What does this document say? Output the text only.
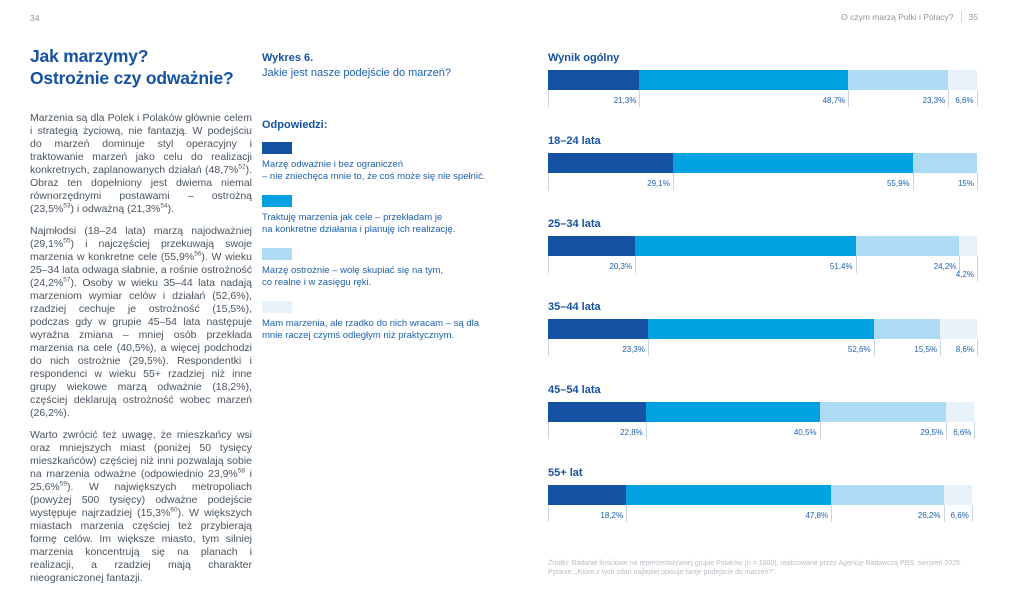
34	O czym marzą Polki i Polacy? 35
Jak marzymy?
Ostrożnie czy odważnie?

Marzenia są dla Polek i Polaków głównie celem i strategią życiową, nie fantazją. W podejściu do marzeń dominuje styl operacyjny i traktowanie marzeń jako celu do realizacji konkretnych, zaplanowanych działań (48,7%$^{52}$). Obraz ten dopełniony jest dwiema niemal równorzędnymi postawami – ostrożną (23,5%$^{53}$) i odważną (21,3%$^{54}$).

Najmłodsi (18–24 lata) marzą najodważniej (29,1%$^{55}$) i najczęściej przekuwają swoje marzenia w konkretne cele (55,9%$^{56}$). W wieku 25–34 lata odwaga słabnie, a rośnie ostrożność (24,2%$^{57}$). Osoby w wieku 35–44 lata nadają marzeniom wymiar celów i działań (52,6%), rzadziej cechuje je ostrożność (15,5%), podczas gdy w grupie 45–54 lata następuje wyraźna zmiana – mniej osób przekłada marzenia na cele (40,5%), a więcej podchodzi do nich ostrożnie (29,5%). Respondentki i respondenci w wieku 55+ rzadziej niż inne grupy wiekowe marzą odważnie (18,2%), częściej deklarują ostrożność wobec marzeń (26,2%).

Warto zwrócić też uwagę, że mieszkańcy wsi oraz mniejszych miast (poniżej 50 tysięcy mieszkańców) częściej niż inni pozwalają sobie na marzenia odważne (odpowiednio 23,9%$^{58}$ i 25,6%$^{59}$). W największych metropoliach (powyżej 500 tysięcy) odważne podejście występuje najrzadziej (15,3%$^{60}$). W większych miastach marzenia częściej też przybierają formę celów. Im większe miasto, tym silniej marzenia koncentrują się na planach i realizacji, a rzadziej mają charakter nieograniczonej fantazji.

Wykres 6.
Jakie jest nasze podejście do marzeń?
Odpowiedzi:
Marzę odważnie i bez ograniczeń
– nie zniechęca mnie to, że coś może się nie spełnić.
Traktuję marzenia jak cele – przekładam je
na konkretne działania i planuję ich realizację.
Marzę ostrożnie – wolę skupiać się na tym,
co realne i w zasięgu ręki.
Mam marzenia, ale rzadko do nich wracam – są dla
mnie raczej czymś odległym niż praktycznym.
Wynik ogólny
21,3%	48,7%	23,3%	6,6%
18–24 lata
29,1%	55,9%	15%
25–34 lata
20,3%	51,4%	24,2%
4,2%
35–44 lata
23,3%	52,6%	15,5%	8,6%
45–54 lata
22,8%	40,5%	29,5%	6,6%
55+ lat
18,2%	47,8%	26,2%	6,6%
Źródło: Badanie ilościowe na reprezentatywnej grupie Polaków (n = 1000), realizowane przez Agencję Badawczą PBS, sierpień 2025.
Pytanie: „Które z tych zdań najlepiej opisuje twoje podejście do marzeń?”.
